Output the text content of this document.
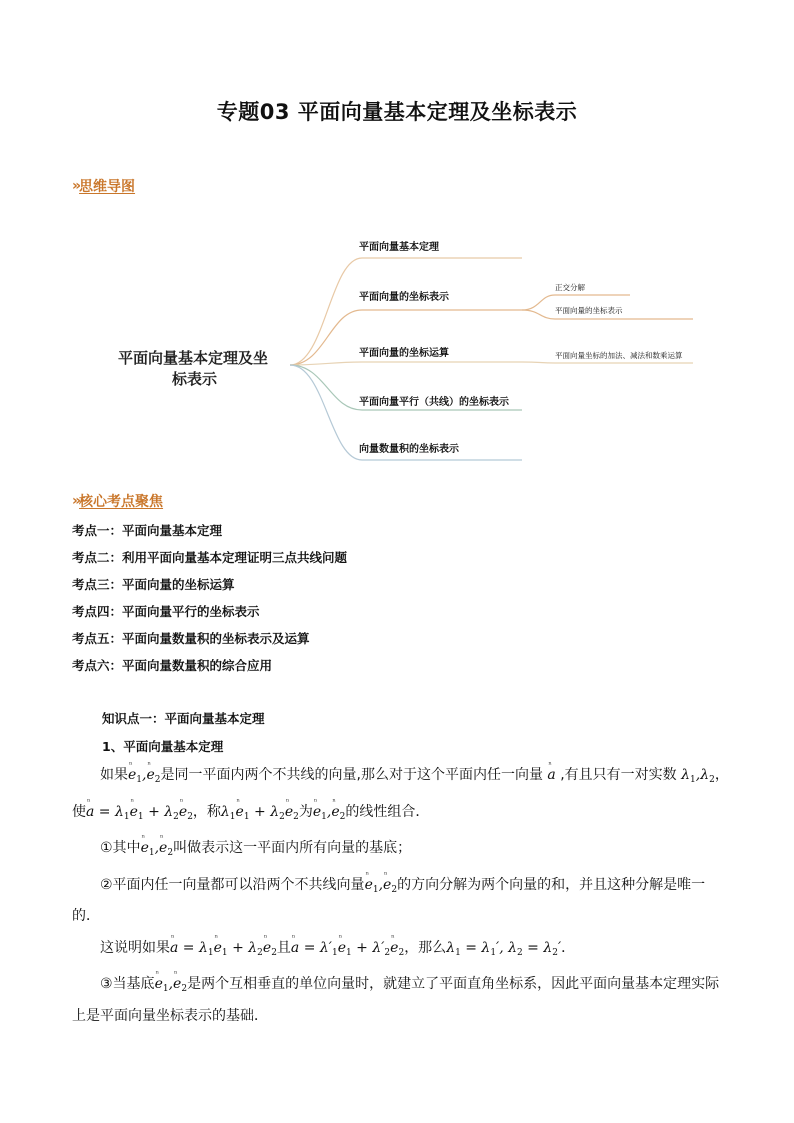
专题03 平面向量基本定理及坐标表示
» 思维导图
平面向量基本定理及坐
标表示
平面向量基本定理
平面向量的坐标表示
平面向量的坐标运算
平面向量平行（共线）的坐标表示
向量数量积的坐标表示
正交分解
平面向量的坐标表示
平面向量坐标的加法、减法和数乘运算
» 核心考点聚焦
考点一：平面向量基本定理
考点二：利用平面向量基本定理证明三点共线问题
考点三：平面向量的坐标运算
考点四：平面向量平行的坐标表示
考点五：平面向量数量积的坐标表示及运算
考点六：平面向量数量积的综合应用
知识点一：平面向量基本定理
1、平面向量基本定理
如果ⁿ $e_1,^n$ $e_2$是同一平面内两个不共线的向量,那么对于这个平面内任一向量 ⁿ a ,有且只有一对实数 $\lambda_1,\lambda_2$，
使ⁿ $a = \lambda_1^n$ $e_1 + \lambda_2^n$ $e_2$，称$\lambda_1^n$ $e_1 + \lambda_2^n$ $e_2$为ⁿ $e_1,^n$ $e_2$的线性组合．
①其中ⁿ $e_1,^n$ $e_2$叫做表示这一平面内所有向量的基底；
②平面内任一向量都可以沿两个不共线向量ⁿ $e_1,^n$ $e_2$的方向分解为两个向量的和，并且这种分解是唯一
的．
这说明如果ⁿ $a = \lambda_1^n$ $e_1 + \lambda_2^n$ $e_2$且ⁿ $a = \lambda'_1^n$ $e_1 + \lambda'_2^n$ $e_2$，那么$\lambda_1 = \lambda_1'$, $\lambda_2 = \lambda_2'$．
③当基底ⁿ $e_1,^n$ $e_2$是两个互相垂直的单位向量时，就建立了平面直角坐标系，因此平面向量基本定理实际
上是平面向量坐标表示的基础．
